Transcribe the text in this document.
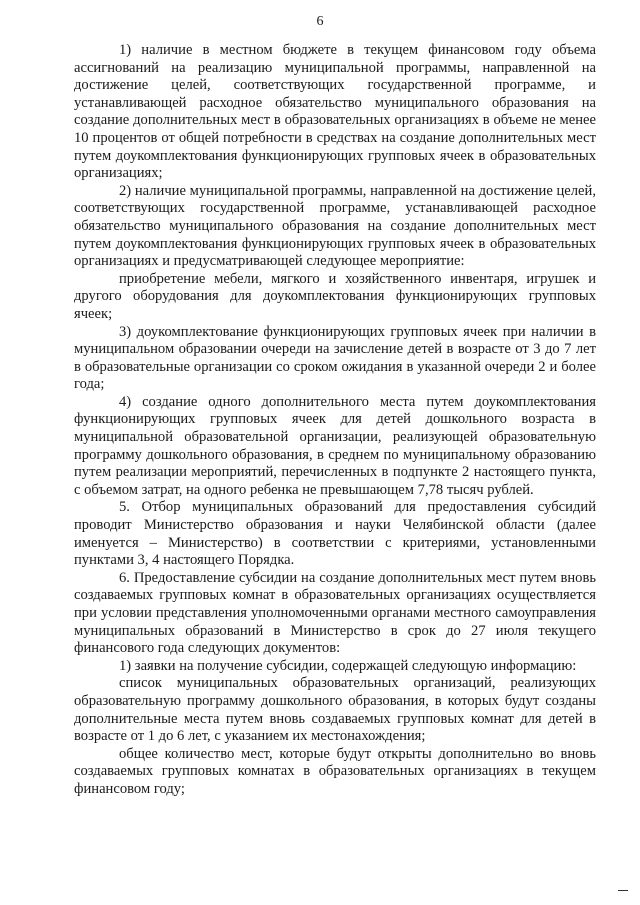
6

1) наличие в местном бюджете в текущем финансовом году объема ассигнований на реализацию муниципальной программы, направленной на достижение целей, соответствующих государственной программе, и устанавливающей расходное обязательство муниципального образования на создание дополнительных мест в образовательных организациях в объеме не менее 10 процентов от общей потребности в средствах на создание дополнительных мест путем доукомплектования функционирующих групповых ячеек в образовательных организациях;

2) наличие муниципальной программы, направленной на достижение целей, соответствующих государственной программе, устанавливающей расходное обязательство муниципального образования на создание дополнительных мест путем доукомплектования функционирующих групповых ячеек в образовательных организациях и предусматривающей следующее мероприятие:

приобретение мебели, мягкого и хозяйственного инвентаря, игрушек и другого оборудования для доукомплектования функционирующих групповых ячеек;

3) доукомплектование функционирующих групповых ячеек при наличии в муниципальном образовании очереди на зачисление детей в возрасте от 3 до 7 лет в образовательные организации со сроком ожидания в указанной очереди 2 и более года;

4) создание одного дополнительного места путем доукомплектования функционирующих групповых ячеек для детей дошкольного возраста в муниципальной образовательной организации, реализующей образовательную программу дошкольного образования, в среднем по муниципальному образованию путем реализации мероприятий, перечисленных в подпункте 2 настоящего пункта, с объемом затрат, на одного ребенка не превышающем 7,78 тысяч рублей.

5. Отбор муниципальных образований для предоставления субсидий проводит Министерство образования и науки Челябинской области (далее именуется – Министерство) в соответствии с критериями, установленными пунктами 3, 4 настоящего Порядка.

6. Предоставление субсидии на создание дополнительных мест путем вновь создаваемых групповых комнат в образовательных организациях осуществляется при условии представления уполномоченными органами местного самоуправления муниципальных образований в Министерство в срок до 27 июля текущего финансового года следующих документов:

1) заявки на получение субсидии, содержащей следующую информацию:

список муниципальных образовательных организаций, реализующих образовательную программу дошкольного образования, в которых будут созданы дополнительные места путем вновь создаваемых групповых комнат для детей в возрасте от 1 до 6 лет, с указанием их местонахождения;

общее количество мест, которые будут открыты дополнительно во вновь создаваемых групповых комнатах в образовательных организациях в текущем финансовом году;
